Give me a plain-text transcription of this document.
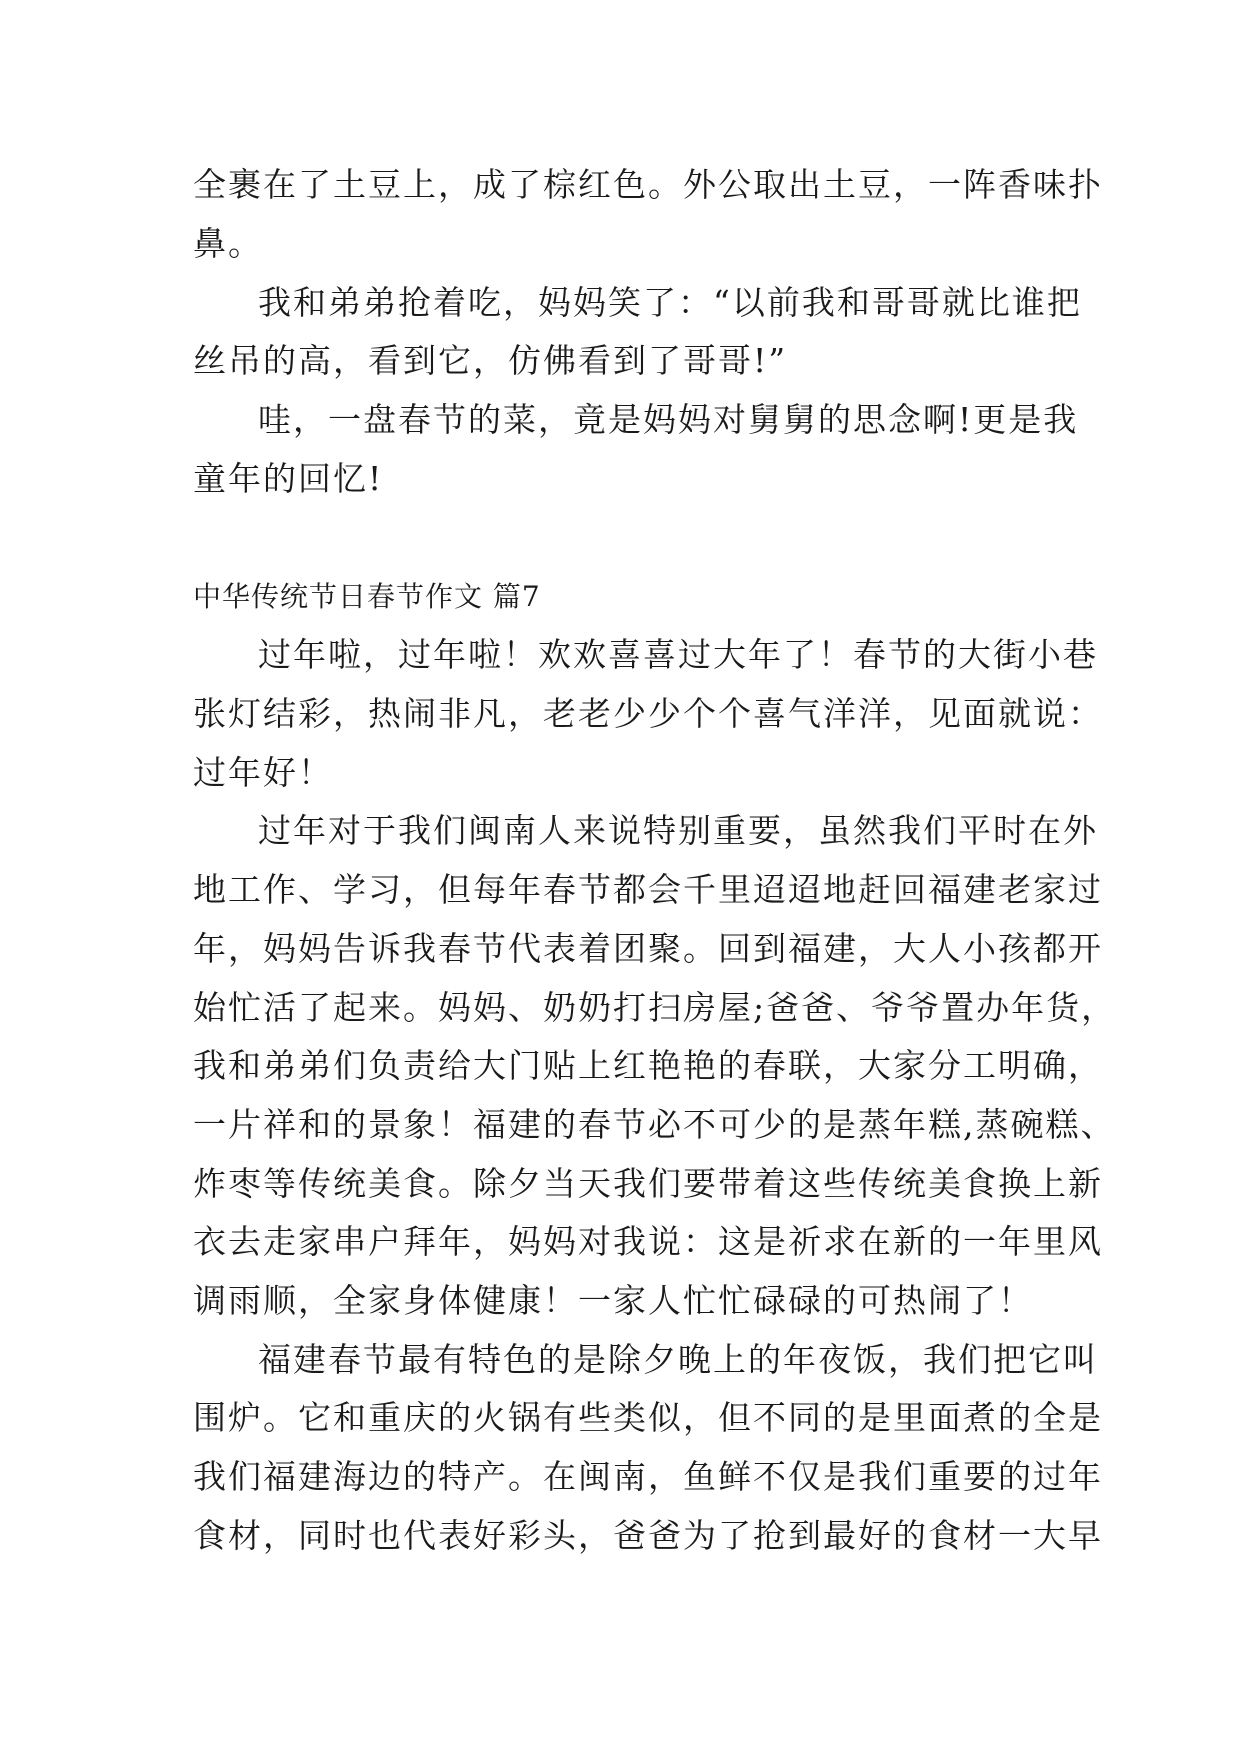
全裹在了土豆上，成了棕红色。外公取出土豆，一阵香味扑
鼻。
我和弟弟抢着吃，妈妈笑了：“以前我和哥哥就比谁把
丝吊的高，看到它，仿佛看到了哥哥!”
哇，一盘春节的菜，竟是妈妈对舅舅的思念啊!更是我
童年的回忆!
中华传统节日春节作文 篇7
过年啦，过年啦！欢欢喜喜过大年了！春节的大街小巷
张灯结彩，热闹非凡，老老少少个个喜气洋洋，见面就说：
过年好！
过年对于我们闽南人来说特别重要，虽然我们平时在外
地工作、学习，但每年春节都会千里迢迢地赶回福建老家过
年，妈妈告诉我春节代表着团聚。回到福建，大人小孩都开
始忙活了起来。妈妈、奶奶打扫房屋;爸爸、爷爷置办年货，
我和弟弟们负责给大门贴上红艳艳的春联，大家分工明确，
一片祥和的景象！福建的春节必不可少的是蒸年糕,蒸碗糕、
炸枣等传统美食。除夕当天我们要带着这些传统美食换上新
衣去走家串户拜年，妈妈对我说：这是祈求在新的一年里风
调雨顺，全家身体健康！一家人忙忙碌碌的可热闹了！
福建春节最有特色的是除夕晚上的年夜饭，我们把它叫
围炉。它和重庆的火锅有些类似，但不同的是里面煮的全是
我们福建海边的特产。在闽南，鱼鲜不仅是我们重要的过年
食材，同时也代表好彩头，爸爸为了抢到最好的食材一大早
